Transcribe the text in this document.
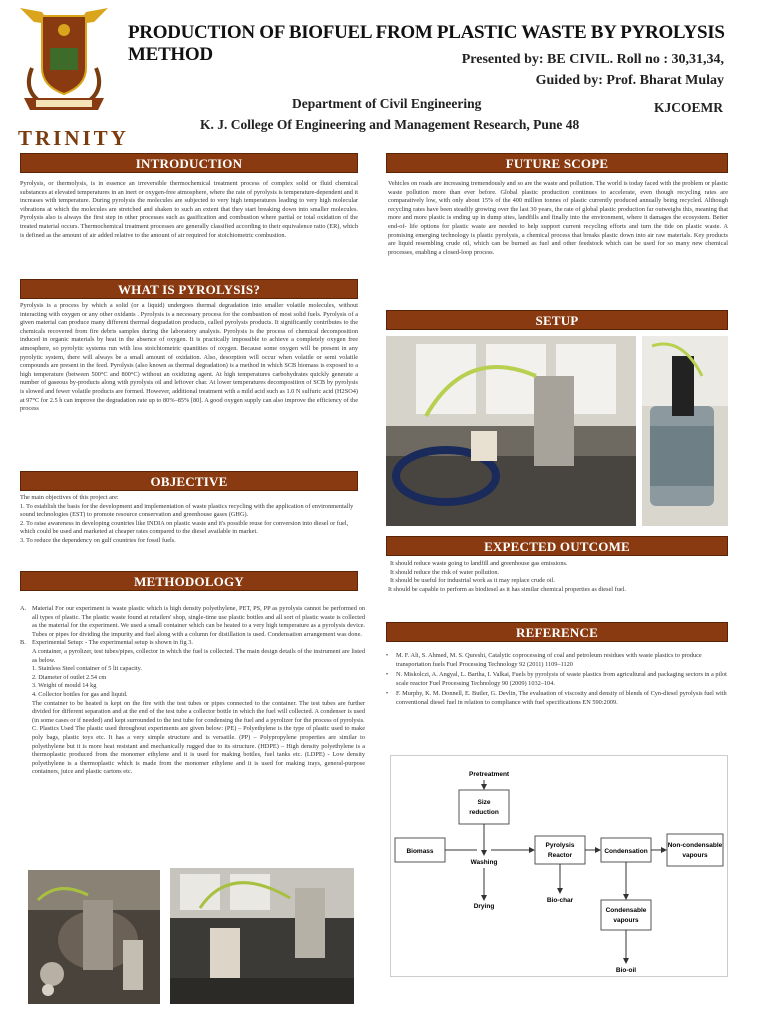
TRINITY
PRODUCTION OF BIOFUEL FROM PLASTIC WASTE BY PYROLYSIS METHOD	Presented by: BE CIVIL. Roll no : 30,31,34,
Guided by: Prof. Bharat Mulay
Department of Civil Engineering	KJCOEMR
K. J. College Of Engineering and Management Research, Pune 48
INTRODUCTION
Pyrolysis, or thermolysis, is in essence an irreversible thermochemical treatment process of complex solid or fluid chemical substances at elevated temperatures in an inert or oxygen-free atmosphere, where the rate of pyrolysis is temperature-dependent and it increases with temperature. During pyrolysis the molecules are subjected to very high temperatures leading to very high molecular vibrations at which the molecules are stretched and shaken to such an extent that they start breaking down into smaller molecules. Pyrolysis also is always the first step in other processes such as gasification and combustion where partial or total oxidation of the treated material occurs. Thermochemical treatment processes are generally classified according to their equivalence ratio (ER), which is defined as the amount of air added relative to the amount of air required for stoichiometric combustion.
WHAT IS PYROLYSIS?
Pyrolysis is a process by which a solid (or a liquid) undergoes thermal degradation into smaller volatile molecules, without interacting with oxygen or any other oxidants . Pyrolysis is a necessary process for the combustion of most solid fuels. Pyrolysis of a given material can produce many different thermal degradation products, called pyrolysis products. It significantly contributes to the chemicals recovered from fire debris samples during the laboratory analysis. Pyrolysis is the process of chemical decomposition induced in organic materials by heat in the absence of oxygen. It is practically impossible to achieve a completely oxygen free atmosphere, so pyrolytic systems run with less stoichiometric quantities of oxygen. Because some oxygen will be present in any pyrolytic system, there will always be a small amount of oxidation. Also, desorption will occur when volatile or semi volatile compounds are present in the feed. Pyrolysis (also known as thermal degradation) is a method in which SCB biomass is exposed to a high temperature (between 500°C and 800°C) without an oxidizing agent. At high temperatures carbohydrates quickly generate a number of gaseous by-products along with pyrolysis oil and leftover char. At lower temperatures decomposition of SCB by pyrolysis is slowed and fewer volatile products are formed. However, additional treatment with a mild acid such as 1.0 N sulfuric acid (H2SO4) at 97°C for 2.5 h can improve the degradation rate up to 80%–85% [80]. A good oxygen supply can also improve the efficiency of the process
OBJECTIVE

The main objectives of this project are:

1. To establish the basis for the development and implementation of waste plastics recycling with the application of environmentally sound technologies (EST) to promote resource conservation and greenhouse gases (GHG).

2. To raise awareness in developing countries like INDIA on plastic waste and it's possible reuse for conversion into diesel or fuel, which could be used and marketed at cheaper rates compared to the diesel available in market.

3. To reduce the dependency on gulf countries for fossil fuels.

METHODOLOGY
A. Material For our experiment is waste plastic which is high density polyethylene, PET, PS, PP as pyrolysis cannot be performed on all types of plastic. The plastic waste found at retailers' shop, single-time use plastic bottles and all sort of plastic waste is collected as the material for the experiment. We used a small container which can be heated to a very high temperature as a pyrolysis device. Tubes or pipes for dividing the impurity and fuel along with a column for distillation is used. Condensation arrangement was done.
B. Experimental Setup: - The experimental setup is shown in fig 3.
A container, a pyrolizer, test tubes/pipes, collector in which the fuel is collected. The main design details of the instrument are listed as below.
1. Stainless Steel container of 5 lit capacity.
2. Diameter of outlet 2.54 cm
3. Weight of mould 14 kg
4. Collector bottles for gas and liquid.
The container to be heated is kept on the fire with the test tubes or pipes connected to the container. The test tubes are further divided for different separation and at the end of the test tube a collector bottle in which the fuel will collected. A condenser is used (in some cases or if needed) and kept surrounded to the test tube for condensing the fuel and a pyrolizer for the process of pyrolysis.
C. Plastics Used The plastic used throughout experiments are given below: (PE) – Polyethylene is the type of plastic used to make poly bags, plastic toys etc. It has a very simple structure and is versatile. (PP) – Polypropylene properties are similar to polyethylene but it is more heat resistant and mechanically rugged due to its structure. (HDPE) – High density polyethylene is a thermoplastic produced from the monomer ethylene and it is used for making bottles, fuel tanks etc. (LDPE) - Low density polyethylene is a thermoplastic which is made from the monomer ethylene and it is used for making trays, general-purpose containers, juice and plastic cartons etc.
FUTURE SCOPE
Vehicles on roads are increasing tremendously and so are the waste and pollution. The world is today faced with the problem or plastic waste pollution more than ever before. Global plastic production continues to accelerate, even though recycling rates are comparatively low, with only about 15% of the 400 million tonnes of plastic currently produced annually being recycled. Although recycling rates have been steadily growing over the last 30 years, the rate of global plastic production far outweighs this, meaning that more and more plastic is ending up in dump sites, landfills and finally into the environment, where it damages the ecosystem. Better end-of- life options for plastic waste are needed to help support current recycling efforts and turn the tide on plastic waste. A promising emerging technology is plastic pyrolysis, a chemical process that breaks plastic down into air raw materials. Key products are liquid resembling crude oil, which can be burned as fuel and other feedstock which can be used for so many new chemical processes, enabling a closed-loop process.
SETUP
EXPECTED OUTCOME

It should reduce waste going to landfill and greenhouse gas emissions.

It should reduce the risk of water pollution.

It should be useful for industrial work as it may replace crude oil.

It should be capable to perform as biodiesel as it has similar chemical properties as diesel fuel.

REFERENCE
•	M. F. Ali, S. Ahmed, M. S. Qureshi, Catalytic coprocessing of coal and petroleum residues with waste plastics to produce transportation fuels Fuel Processing Technology 92 (2011) 1109–1120
•	N. Miskolczi, A. Angyal, L. Bartha, I. Valkai, Fuels by pyrolysis of waste plastics from agricultural and packaging sectors in a pilot scale reactor Fuel Processing Technology 90 (2009) 1032–104.
•	F. Murphy, K. M. Donnell, E. Butler, G. Devlin, The evaluation of viscosity and density of blends of Cyn-diesel pyrolysis fuel with conventional diesel fuel in relation to compliance with fuel specifications EN 590:2009.
Pretreatment
Size
reduction
Biomass
Washing
Drying
Pyrolysis
Reactor
Condensation
Non-condensable
vapours
Bio-char
Condensable
vapours
Bio-oil
